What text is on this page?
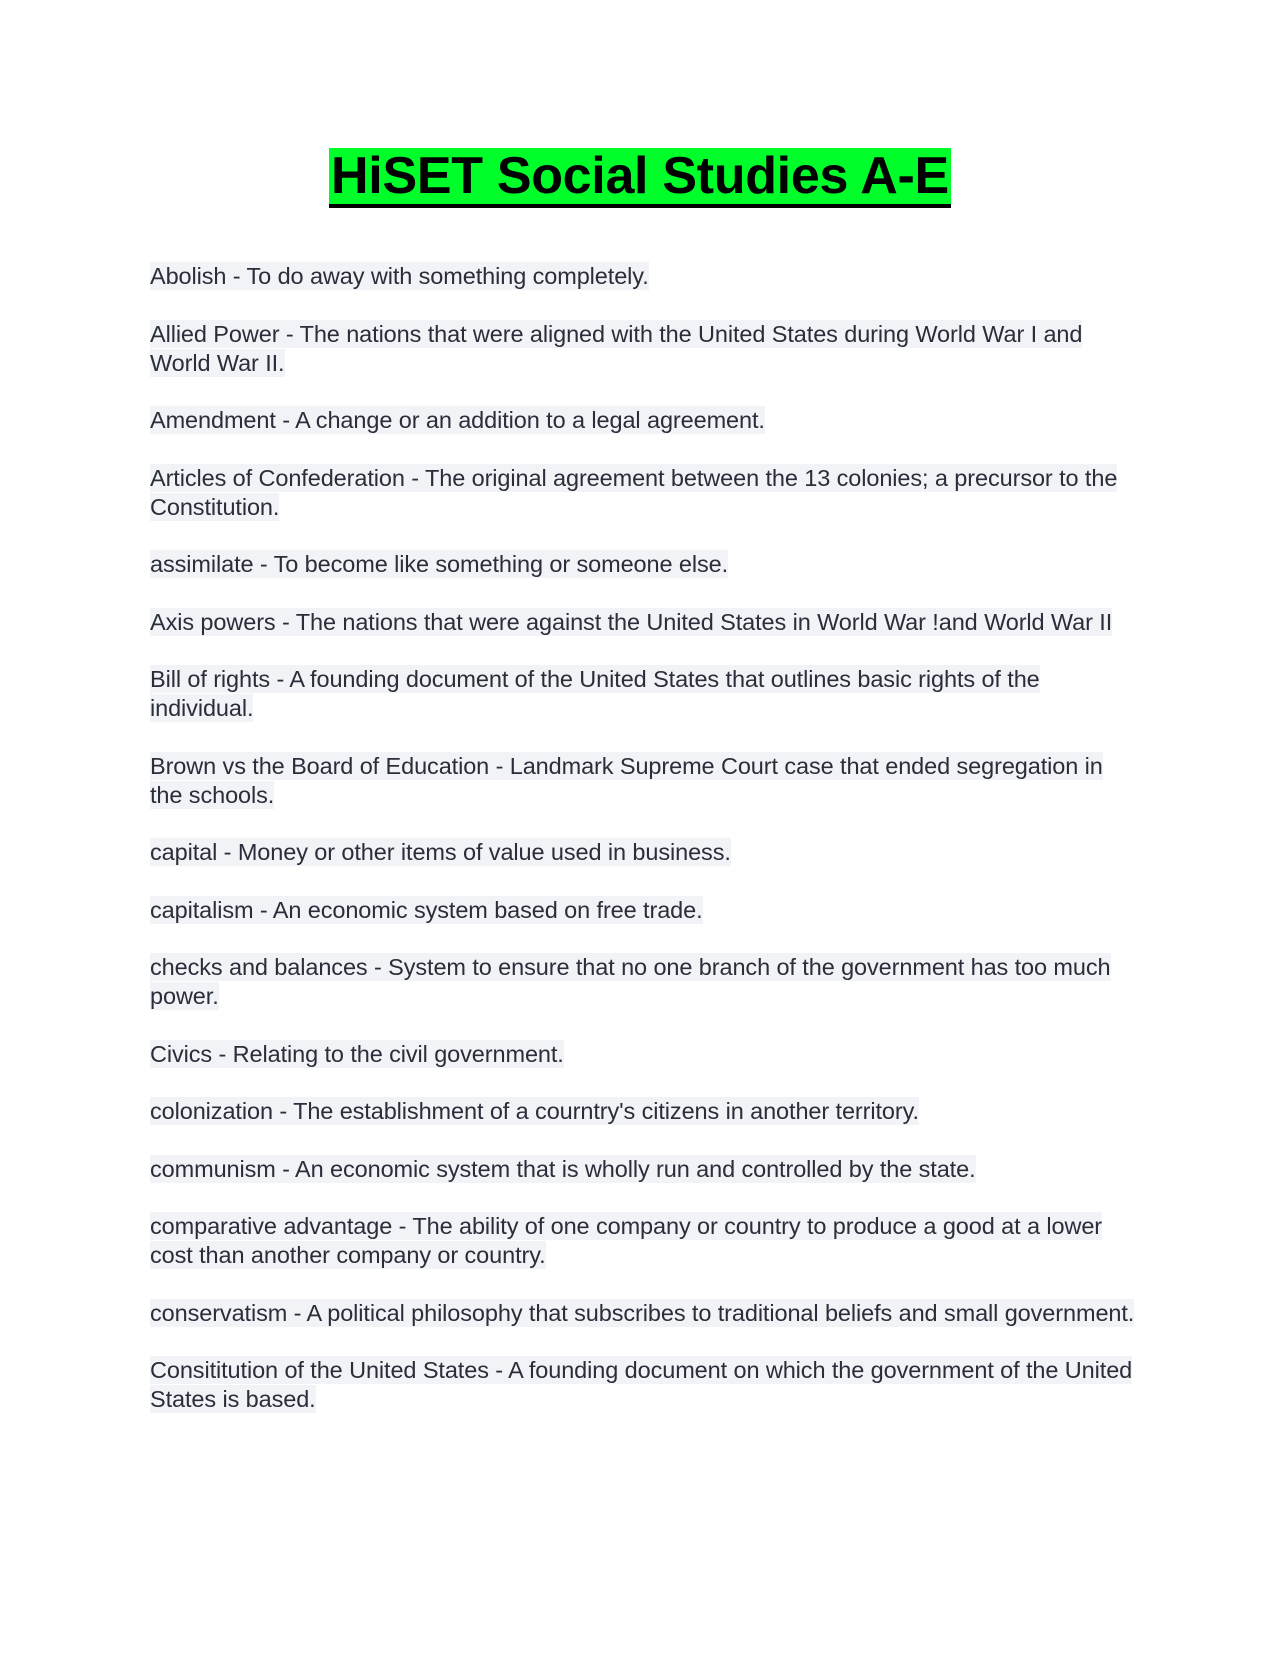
HiSET Social Studies A-E

Abolish - To do away with something completely.

Allied Power - The nations that were aligned with the United States during World War I and World War II.

Amendment - A change or an addition to a legal agreement.

Articles of Confederation - The original agreement between the 13 colonies; a precursor to the Constitution.

assimilate - To become like something or someone else.

Axis powers - The nations that were against the United States in World War !and World War II

Bill of rights - A founding document of the United States that outlines basic rights of the individual.

Brown vs the Board of Education - Landmark Supreme Court case that ended segregation in the schools.

capital - Money or other items of value used in business.

capitalism - An economic system based on free trade.

checks and balances - System to ensure that no one branch of the government has too much power.

Civics - Relating to the civil government.

colonization - The establishment of a courntry's citizens in another territory.

communism - An economic system that is wholly run and controlled by the state.

comparative advantage - The ability of one company or country to produce a good at a lower cost than another company or country.

conservatism - A political philosophy that subscribes to traditional beliefs and small government.

Consititution of the United States - A founding document on which the government of the United States is based.
